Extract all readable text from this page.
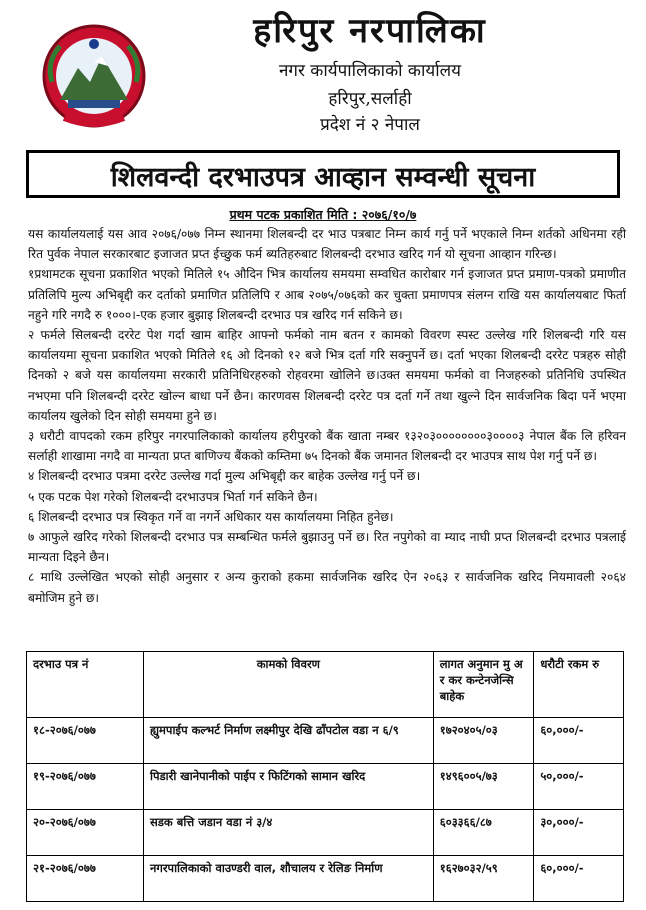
हरिपुर नरपालिका
नगर कार्यपालिकाको कार्यालय
हरिपुर,सर्लाही
प्रदेश नं २ नेपाल
शिलवन्दी दरभाउपत्र आव्हान सम्वन्धी सूचना
प्रथम पटक प्रकाशित मिति : २०७६/१०/७

यस कार्यालयलाई यस आव २०७६/०७७ निम्न स्थानमा शिलबन्दी दर भाउ पत्रबाट निम्न कार्य गर्नु पर्ने भएकाले निम्न शर्तको अधिनमा रही रित पुर्वक नेपाल सरकारबाट इजाजत प्रप्त ईच्छुक फर्म ब्यतिहरुबाट शिलबन्दी दरभाउ खरिद गर्न यो सूचना आव्हान गरिन्छ।

१प्रथामटक सूचना प्रकाशित भएको मितिले १५ औदिन भित्र कार्यालय समयमा सम्वधित कारोबार गर्न इजाजत प्रप्त प्रमाण-पत्रको प्रमाणीत प्रतिलिपि मुल्य अभिबृद्दी कर दर्ताको प्रमाणित प्रतिलिपि र आब २०७५/०७६को कर चुक्ता प्रमाणपत्र संलग्न राखि यस कार्यालयबाट फिर्ता नहुने गरि नगदै रु १०००।-एक हजार बुझाइ शिलबन्दी दरभाउ पत्र खरिद गर्न सकिने छ।

२ फर्मले सिलबन्दी दररेट पेश गर्दा खाम बाहिर आफ्नो फर्मको नाम बतन र कामको विवरण स्पस्ट उल्लेख गरि शिलबन्दी गरि यस कार्यालयमा सूचना प्रकाशित भएको मितिले १६ ओ दिनको १२ बजे भित्र दर्ता गरि सक्नुपर्ने छ। दर्ता भएका शिलबन्दी दररेट पत्रहरु सोही दिनको २ बजे यस कार्यालयमा सरकारी प्रतिनिधिरहरुको रोहवरमा खोलिने छ।उक्त समयमा फर्मको वा निजहरुको प्रतिनिधि उपस्थित नभएमा पनि शिलबन्दी दररेट खोल्न बाधा पर्ने छैन। कारणवस शिलबन्दी दररेट पत्र दर्ता गर्ने तथा खुल्ने दिन सार्वजनिक बिदा पर्ने भएमा कार्यालय खुलेको दिन सोही समयमा हुने छ।

३ धरौटी वापदको रकम हरिपुर नगरपालिकाको कार्यालय हरीपुरको बैंक खाता नम्बर १३२०३००००००००३००००३ नेपाल बैंक लि हरिवन सर्लाही शाखामा नगदै वा मान्यता प्रप्त बाणिज्य बैंकको कम्तिमा ७५ दिनको बैंक जमानत शिलबन्दी दर भाउपत्र साथ पेश गर्नु पर्ने छ।

४ शिलबन्दी दरभाउ पत्रमा दररेट उल्लेख गर्दा मुल्य अभिबृद्दी कर बाहेक उल्लेख गर्नु पर्ने छ।

५ एक पटक पेश गरेको शिलबन्दी दरभाउपत्र भिर्ता गर्न सकिने छैन।

६ शिलबन्दी दरभाउ पत्र स्विकृत गर्ने वा नगर्ने अधिकार यस कार्यालयमा निहित हुनेछ।

७ आफुले खरिद गरेको शिलबन्दी दरभाउ पत्र सम्बन्धित फर्मले बुझाउनु पर्ने छ। रित नपुगेको वा म्याद नाघी प्रप्त शिलबन्दी दरभाउ पत्रलाई मान्यता दिइने छैन।

८ माथि उल्लेखित भएको सोही अनुसार र अन्य कुराको हकमा सार्वजनिक खरिद ऐन २०६३ र सार्वजनिक खरिद नियमावली २०६४ बमोजिम हुने छ।

दरभाउ पत्र नं	कामको विवरण	लागत अनुमान मु अ र कर कन्टेनजेन्सि बाहेक	धरौटी रकम रु
१८-२०७६/०७७	ह्युमपाईप कल्भर्ट निर्माण लक्ष्मीपुर देखि ढाँपटोल वडा न ६/९	१७२०४०५/०३	६०,०००/-
१९-२०७६/०७७	पिडारी खानेपानीको पाईप र फिटिंगको सामान खरिद	१४९६००५/७३	५०,०००/-
२०-२०७६/०७७	सडक बत्ति जडान वडा नं ३/४	६०३३६६/८७	३०,०००/-
२१-२०७६/०७७	नगरपालिकाको वाउण्डरी वाल, शौचालय र रेलिङ निर्माण	१६२७०३२/५९	६०,०००/-
